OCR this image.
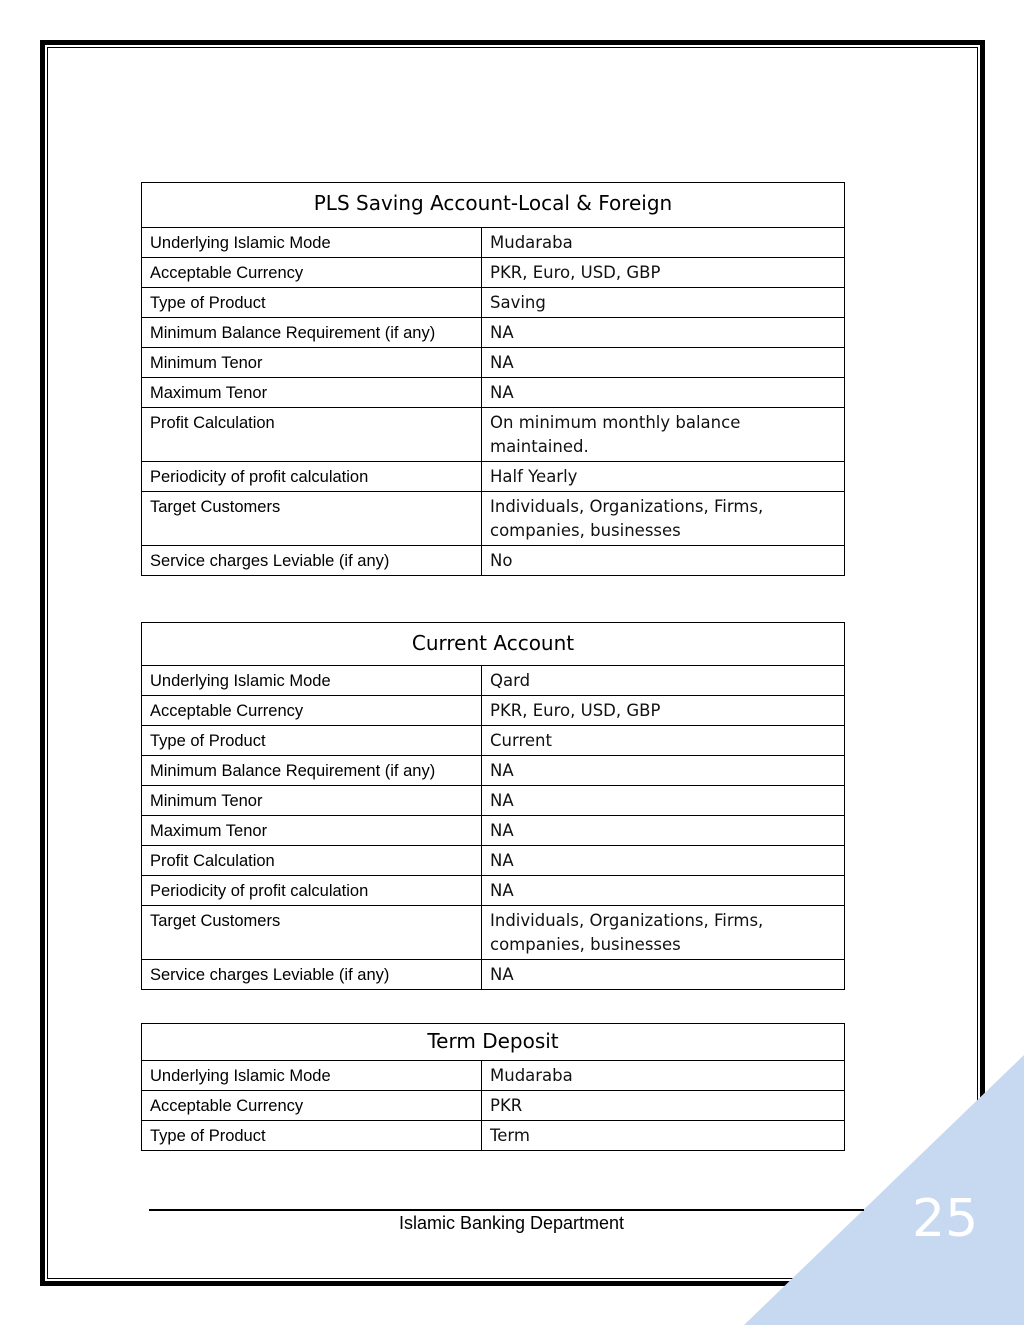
25
PLS Saving Account-Local & Foreign	
Underlying Islamic Mode	Mudaraba
Acceptable Currency	PKR, Euro, USD, GBP
Type of Product	Saving
Minimum Balance Requirement (if any)	NA
Minimum Tenor	NA
Maximum Tenor	NA
Profit Calculation	On minimum monthly balance maintained.
Periodicity of profit calculation	Half Yearly
Target Customers	Individuals, Organizations, Firms, companies, businesses
Service charges Leviable (if any)	No
Current Account	
Underlying Islamic Mode	Qard
Acceptable Currency	PKR, Euro, USD, GBP
Type of Product	Current
Minimum Balance Requirement (if any)	NA
Minimum Tenor	NA
Maximum Tenor	NA
Profit Calculation	NA
Periodicity of profit calculation	NA
Target Customers	Individuals, Organizations, Firms, companies, businesses
Service charges Leviable (if any)	NA
Term Deposit	
Underlying Islamic Mode	Mudaraba
Acceptable Currency	PKR
Type of Product	Term
Islamic Banking Department
